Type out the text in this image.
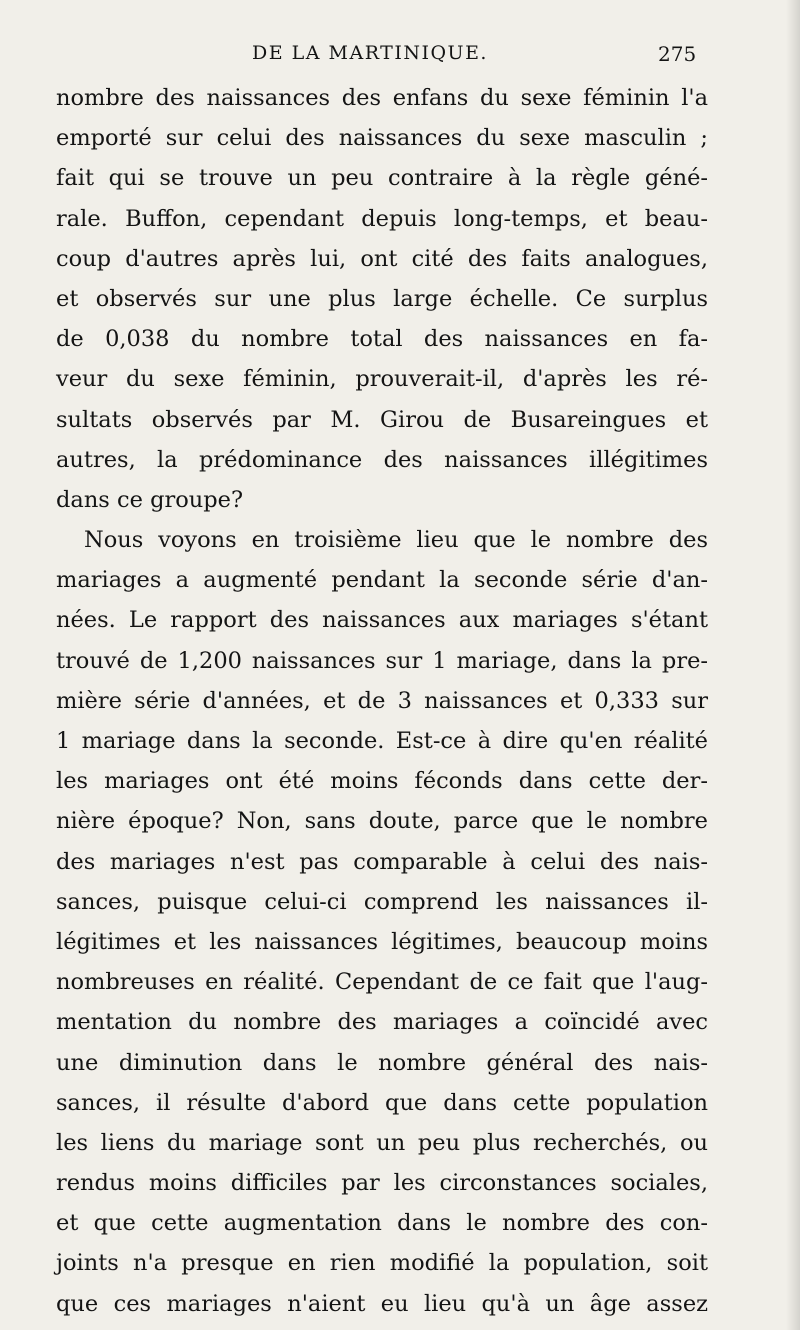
DE LA MARTINIQUE.	275
nombre des naissances des enfans du sexe féminin l'a
emporté sur celui des naissances du sexe masculin ;
fait qui se trouve un peu contraire à la règle géné-
rale. Buffon, cependant depuis long-temps, et beau-
coup d'autres après lui, ont cité des faits analogues,
et observés sur une plus large échelle. Ce surplus
de 0,038 du nombre total des naissances en fa-
veur du sexe féminin, prouverait-il, d'après les ré-
sultats observés par M. Girou de Busareingues et
autres, la prédominance des naissances illégitimes
dans ce groupe?
Nous voyons en troisième lieu que le nombre des
mariages a augmenté pendant la seconde série d'an-
nées. Le rapport des naissances aux mariages s'étant
trouvé de 1,200 naissances sur 1 mariage, dans la pre-
mière série d'années, et de 3 naissances et 0,333 sur
1 mariage dans la seconde. Est-ce à dire qu'en réalité
les mariages ont été moins féconds dans cette der-
nière époque? Non, sans doute, parce que le nombre
des mariages n'est pas comparable à celui des nais-
sances, puisque celui-ci comprend les naissances il-
légitimes et les naissances légitimes, beaucoup moins
nombreuses en réalité. Cependant de ce fait que l'aug-
mentation du nombre des mariages a coïncidé avec
une diminution dans le nombre général des nais-
sances, il résulte d'abord que dans cette population
les liens du mariage sont un peu plus recherchés, ou
rendus moins difficiles par les circonstances sociales,
et que cette augmentation dans le nombre des con-
joints n'a presque en rien modifié la population, soit
que ces mariages n'aient eu lieu qu'à un âge assez
